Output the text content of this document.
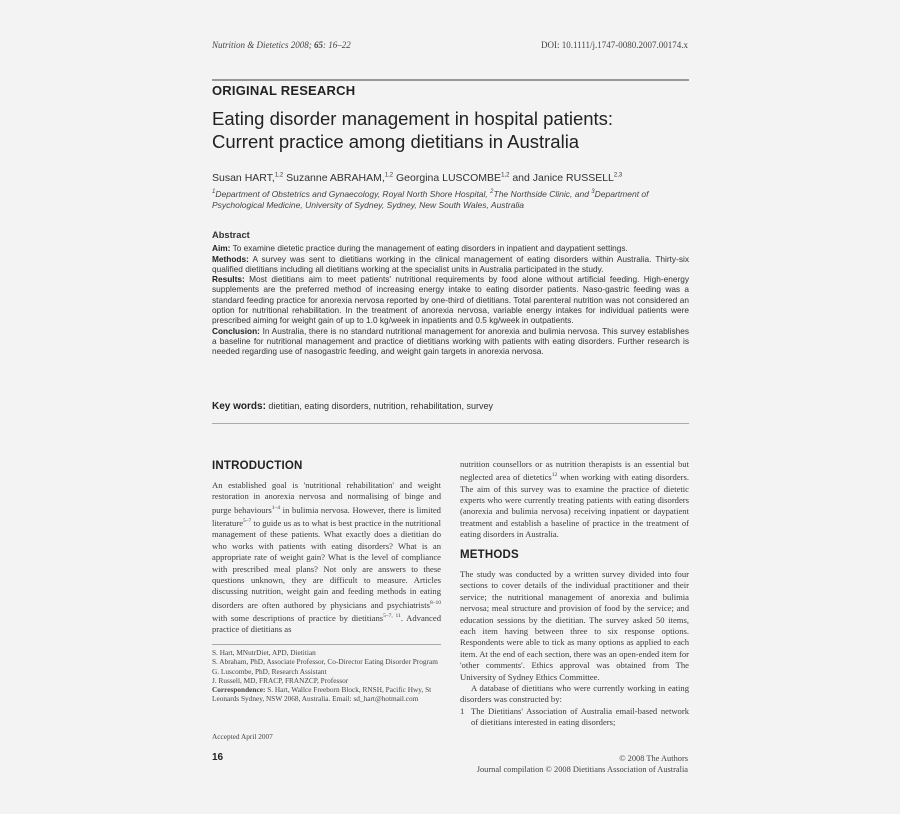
Nutrition & Dietetics 2008; 65: 16–22	DOI: 10.1111/j.1747-0080.2007.00174.x
ORIGINAL RESEARCH
Eating disorder management in hospital patients:
Current practice among dietitians in Australia
Susan HART,$^{1,2}$ Suzanne ABRAHAM,$^{1,2}$ Georgina LUSCOMBE$^{1,2}$ and Janice RUSSELL$^{2,3}$
$^1$Department of Obstetrics and Gynaecology, Royal North Shore Hospital, $^2$The Northside Clinic, and $^3$Department of Psychological Medicine, University of Sydney, Sydney, New South Wales, Australia
Abstract

Aim: To examine dietetic practice during the management of eating disorders in inpatient and daypatient settings.

Methods: A survey was sent to dietitians working in the clinical management of eating disorders within Australia. Thirty-six qualified dietitians including all dietitians working at the specialist units in Australia participated in the study.

Results: Most dietitians aim to meet patients' nutritional requirements by food alone without artificial feeding. High-energy supplements are the preferred method of increasing energy intake to eating disorder patients. Naso-gastric feeding was a standard feeding practice for anorexia nervosa reported by one-third of dietitians. Total parenteral nutrition was not considered an option for nutritional rehabilitation. In the treatment of anorexia nervosa, variable energy intakes for individual patients were prescribed aiming for weight gain of up to 1.0 kg/week in inpatients and 0.5 kg/week in outpatients.

Conclusion: In Australia, there is no standard nutritional management for anorexia and bulimia nervosa. This survey establishes a baseline for nutritional management and practice of dietitians working with patients with eating disorders. Further research is needed regarding use of nasogastric feeding, and weight gain targets in anorexia nervosa.

Key words: dietitian, eating disorders, nutrition, rehabilitation, survey
INTRODUCTION

An established goal is 'nutritional rehabilitation' and weight restoration in anorexia nervosa and normalising of binge and purge behaviours$^{1-4}$ in bulimia nervosa. However, there is limited literature$^{5-7}$ to guide us as to what is best practice in the nutritional management of these patients. What exactly does a dietitian do who works with patients with eating disorders? What is an appropriate rate of weight gain? What is the level of compliance with prescribed meal plans? Not only are answers to these questions unknown, they are difficult to measure. Articles discussing nutrition, weight gain and feeding methods in eating disorders are often authored by physicians and psychiatrists$^{8-10}$ with some descriptions of practice by dietitians$^{5-7, 11}$. Advanced practice of dietitians as

S. Hart, MNutrDiet, APD, Dietitian

S. Abraham, PhD, Associate Professor, Co-Director Eating Disorder Program

G. Luscombe, PhD, Research Assistant

J. Russell, MD, FRACP, FRANZCP, Professor

Correspondence: S. Hart, Wallce Freeborn Block, RNSH, Pacific Hwy, St Leonards Sydney, NSW 2068, Australia. Email: sd_hart@hotmail.com

Accepted April 2007

nutrition counsellors or as nutrition therapists is an essential but neglected area of dietetics$^{12}$ when working with eating disorders. The aim of this survey was to examine the practice of dietetic experts who were currently treating patients with eating disorders (anorexia and bulimia nervosa) receiving inpatient or daypatient treatment and establish a baseline of practice in the treatment of eating disorders in Australia.

METHODS

The study was conducted by a written survey divided into four sections to cover details of the individual practitioner and their service; the nutritional management of anorexia and bulimia nervosa; meal structure and provision of food by the service; and education sessions by the dietitian. The survey asked 50 items, each item having between three to six response options. Respondents were able to tick as many options as applied to each item. At the end of each section, there was an open-ended item for 'other comments'. Ethics approval was obtained from The University of Sydney Ethics Committee.

A database of dietitians who were currently working in eating disorders was constructed by:

1 The Dietitians' Association of Australia email-based network of dietitians interested in eating disorders;
16	© 2008 The Authors
Journal compilation © 2008 Dietitians Association of Australia
